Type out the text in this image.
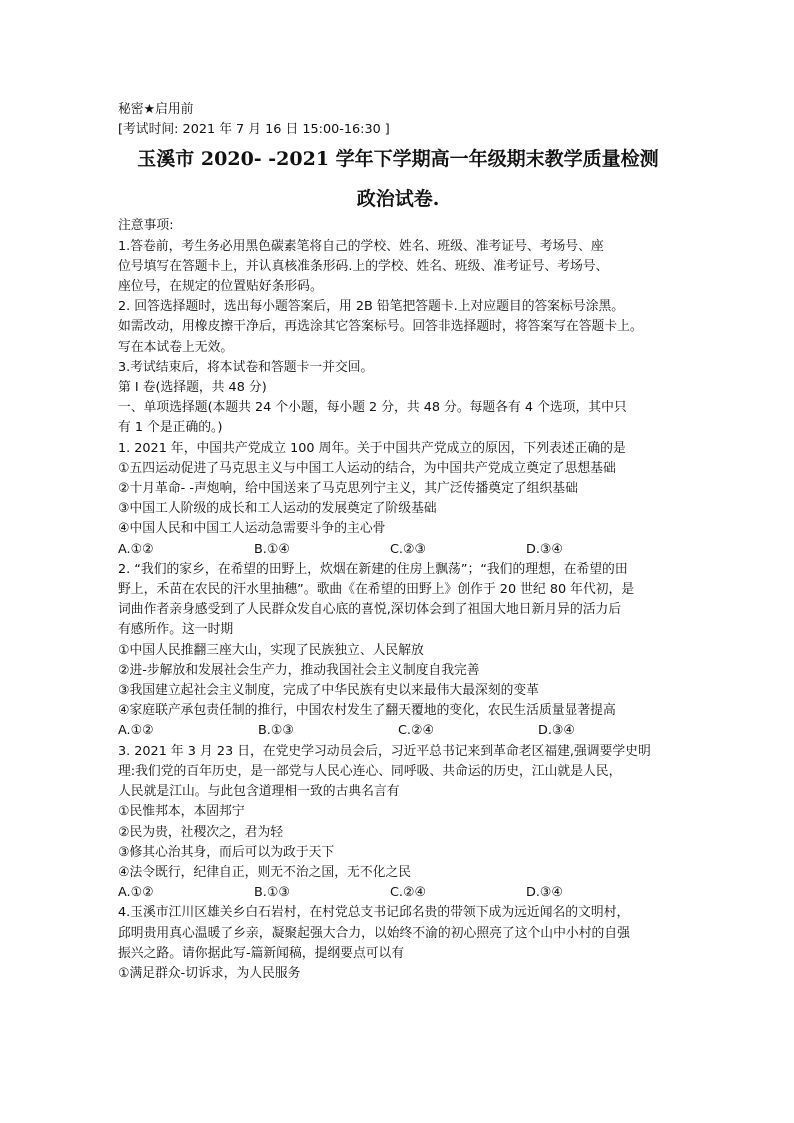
秘密★启用前

[考试时间: 2021 年 7 月 16 日 15:00-16:30 ]

玉溪市 2020- -2021 学年下学期高一年级期末教学质量检测
政治试卷.

注意事项:

1.答卷前，考生务必用黑色碳素笔将自己的学校、姓名、班级、准考证号、考场号、座

位号填写在答题卡上，并认真核准条形码.上的学校、姓名、班级、准考证号、考场号、

座位号，在规定的位置贴好条形码。

2. 回答选择题时，选出每小题答案后，用 2B 铅笔把答题卡.上对应题目的答案标号涂黑。

如需改动，用橡皮擦干净后，再选涂其它答案标号。回答非选择题时，将答案写在答题卡上。

写在本试卷上无效。

3.考试结束后，将本试卷和答题卡一并交回。

第 I 卷(选择题，共 48 分)

一、单项选择题(本题共 24 个小题，每小题 2 分，共 48 分。每题各有 4 个选项，其中只

有 1 个是正确的。)

1. 2021 年，中国共产党成立 100 周年。关于中国共产党成立的原因，下列表述正确的是

①五四运动促进了马克思主义与中国工人运动的结合，为中国共产党成立奠定了思想基础

②十月革命- -声炮响，给中国送来了马克思列宁主义，其广泛传播奠定了组织基础

③中国工人阶级的成长和工人运动的发展奠定了阶级基础

④中国人民和中国工人运动急需要斗争的主心骨

A.①②	B.①④	C.②③	D.③④

2. “我们的家乡，在希望的田野上，炊烟在新建的住房上飘荡”；“我们的理想，在希望的田

野上，禾苗在农民的汗水里抽穗”。歌曲《在希望的田野上》创作于 20 世纪 80 年代初，是

词曲作者亲身感受到了人民群众发自心底的喜悦,深切体会到了祖国大地日新月异的活力后

有感所作。这一时期

①中国人民推翻三座大山，实现了民族独立、人民解放

②进-步解放和发展社会生产力，推动我国社会主义制度自我完善

③我国建立起社会主义制度，完成了中华民族有史以来最伟大最深刻的变革

④家庭联产承包责任制的推行，中国农村发生了翻天覆地的变化，农民生活质量显著提高

A.①②	B.①③	C.②④	D.③④

3. 2021 年 3 月 23 日，在党史学习动员会后，习近平总书记来到革命老区福建,强调要学史明

理:我们党的百年历史，是一部党与人民心连心、同呼吸、共命运的历史，江山就是人民，

人民就是江山。与此包含道理相一致的古典名言有

①民惟邦本，本固邦宁

②民为贵，社稷次之，君为轻

③修其心治其身，而后可以为政于天下

④法令既行，纪律自正，则无不治之国，无不化之民

A.①②	B.①③	C.②④	D.③④

4.玉溪市江川区雄关乡白石岩村，在村党总支书记邱名贵的带领下成为远近闻名的文明村，

邱明贵用真心温暖了乡亲，凝聚起强大合力，以始终不渝的初心照亮了这个山中小村的自强

振兴之路。请你据此写-篇新闻稿，提纲要点可以有

①满足群众-切诉求，为人民服务
